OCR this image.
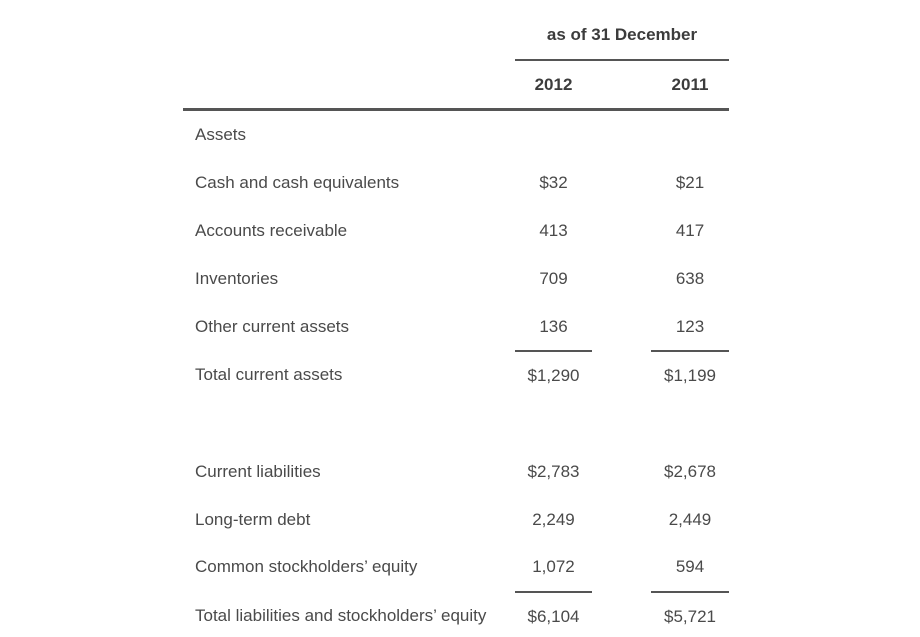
as of 31 December
2012	2011
Assets
Cash and cash equivalents	$32	$21
Accounts receivable	413	417
Inventories	709	638
Other current assets	136	123
Total current assets	$1,290	$1,199
Current liabilities	$2,783	$2,678
Long-term debt	2,249	2,449
Common stockholders’ equity	1,072	594
Total liabilities and stockholders’ equity	$6,104	$5,721
